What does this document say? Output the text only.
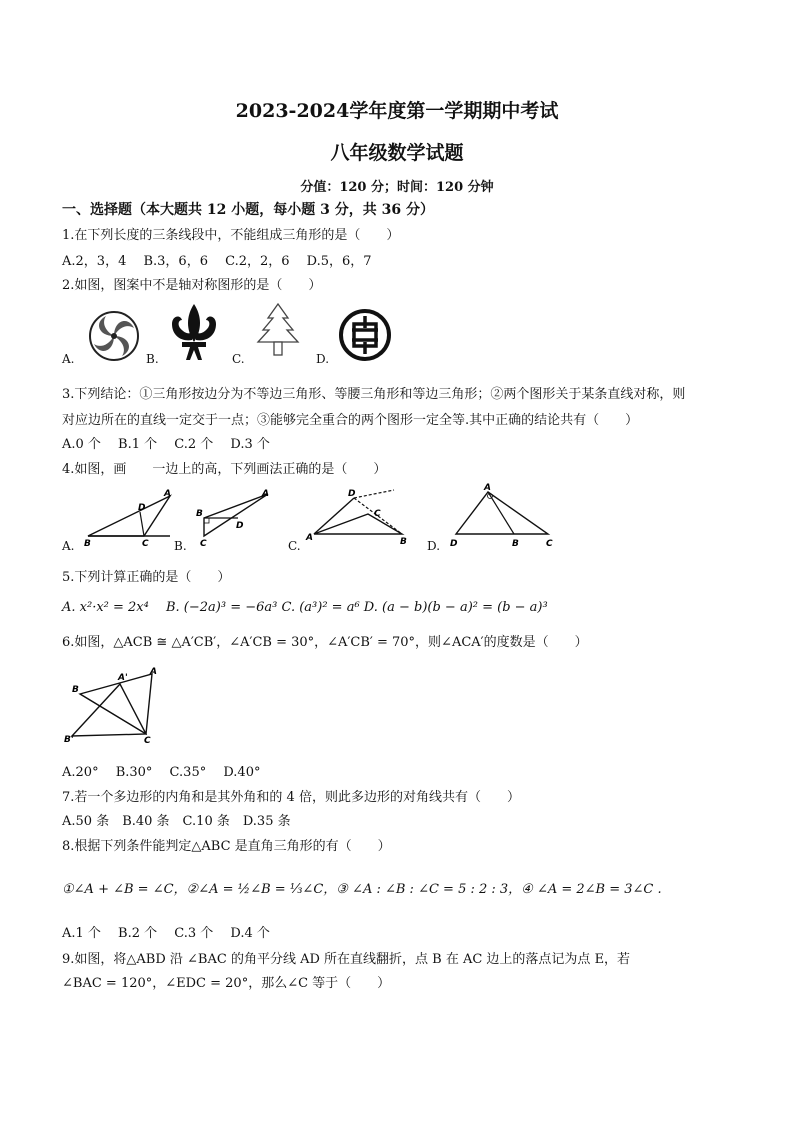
2023-2024学年度第一学期期中考试
八年级数学试题
分值：120 分；时间：120 分钟
一、选择题（本大题共 12 小题，每小题 3 分，共 36 分）
1.在下列长度的三条线段中，不能组成三角形的是（　　）
A.2，3，4　 B.3，6，6　 C.2，2，6　 D.5，6，7
2.如图，图案中不是轴对称图形的是（　　）
A.	B.	C.	D.
3.下列结论：①三角形按边分为不等边三角形、等腰三角形和等边三角形；②两个图形关于某条直线对称，则
对应边所在的直线一定交于一点；③能够完全重合的两个图形一定全等.其中正确的结论共有（　　）
A.0 个　 B.1 个　 C.2 个　 D.3 个
4.如图，画　　一边上的高，下列画法正确的是（　　）
A.	B.	C.	D.
B	C
A
D
B
C
D
A
A	B
C
D
D	B	C
A
5.下列计算正确的是（　　）
A. x²·x² = 2x⁴　 B. (−2a)³ = −6a³ C. (a³)² = a⁶ D. (a − b)(b − a)² = (b − a)³
6.如图，△ACB ≅ △A′CB′，∠A′CB = 30°，∠A′CB′ = 70°，则∠ACA′的度数是（　　）
B
A'
A
B'	C
A.20°　 B.30°　 C.35°　 D.40°
7.若一个多边形的内角和是其外角和的 4 倍，则此多边形的对角线共有（　　）
A.50 条　B.40 条　C.10 条　D.35 条
8.根据下列条件能判定△ABC 是直角三角形的有（　　）
①∠A + ∠B = ∠C，②∠A = ½∠B = ⅓∠C，③ ∠A : ∠B : ∠C = 5 : 2 : 3，④ ∠A = 2∠B = 3∠C .
A.1 个　 B.2 个　 C.3 个　 D.4 个
9.如图，将△ABD 沿 ∠BAC 的角平分线 AD 所在直线翻折，点 B 在 AC 边上的落点记为点 E，若
∠BAC = 120°，∠EDC = 20°，那么∠C 等于（　　）
